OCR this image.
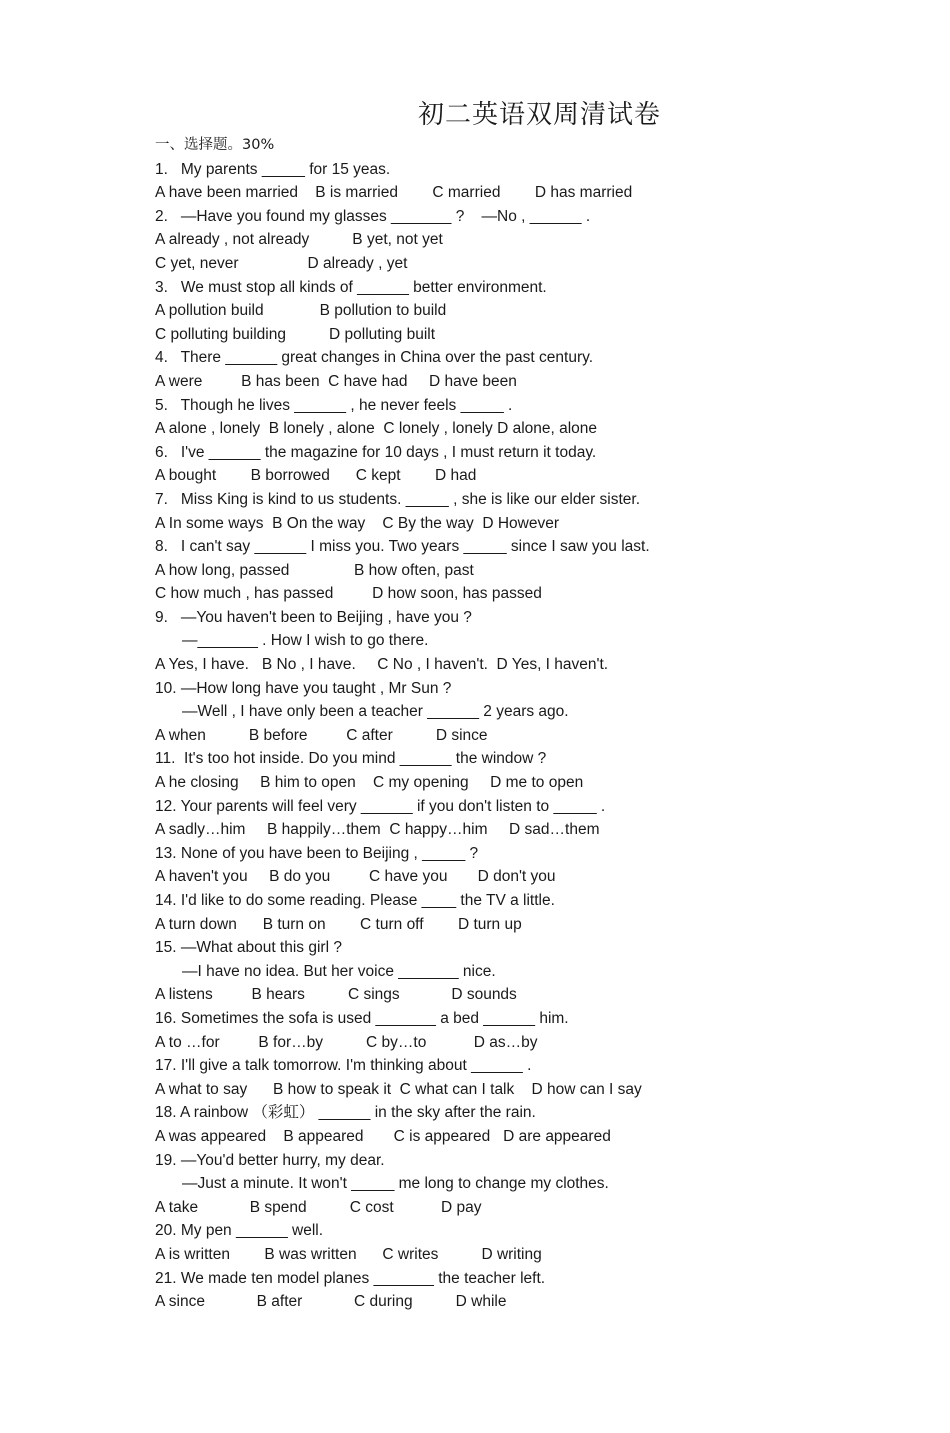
初二英语双周清试卷
一、选择题。30%
1.   My parents _____ for 15 yeas.
A have been married    B is married        C married        D has married
2.   —Have you found my glasses _______ ?    —No , ______ .
A already , not already          B yet, not yet
C yet, never                D already , yet
3.   We must stop all kinds of ______ better environment.
A pollution build             B pollution to build
C polluting building          D polluting built
4.   There ______ great changes in China over the past century.
A were         B has been  C have had     D have been
5.   Though he lives ______ , he never feels _____ .
A alone , lonely  B lonely , alone  C lonely , lonely D alone, alone
6.   I've ______ the magazine for 10 days , I must return it today.
A bought        B borrowed      C kept        D had
7.   Miss King is kind to us students. _____ , she is like our elder sister.
A In some ways  B On the way    C By the way  D However
8.   I can't say ______ I miss you. Two years _____ since I saw you last.
A how long, passed               B how often, past
C how much , has passed         D how soon, has passed
9.   —You haven't been to Beijing , have you ?
—_______ . How I wish to go there.
A Yes, I have.   B No , I have.     C No , I haven't.  D Yes, I haven't.
10. —How long have you taught , Mr Sun ?
—Well , I have only been a teacher ______ 2 years ago.
A when          B before         C after          D since
11.  It's too hot inside. Do you mind ______ the window ?
A he closing     B him to open    C my opening     D me to open
12. Your parents will feel very ______ if you don't listen to _____ .
A sadly…him     B happily…them  C happy…him     D sad…them
13. None of you have been to Beijing , _____ ?
A haven't you     B do you         C have you       D don't you
14. I'd like to do some reading. Please ____ the TV a little.
A turn down      B turn on        C turn off        D turn up
15. —What about this girl ?
—I have no idea. But her voice _______ nice.
A listens         B hears          C sings            D sounds
16. Sometimes the sofa is used _______ a bed ______ him.
A to …for         B for…by          C by…to           D as…by
17. I'll give a talk tomorrow. I'm thinking about ______ .
A what to say      B how to speak it  C what can I talk    D how can I say
18. A rainbow （彩虹） ______ in the sky after the rain.
A was appeared    B appeared       C is appeared   D are appeared
19. —You'd better hurry, my dear.
—Just a minute. It won't _____ me long to change my clothes.
A take            B spend          C cost           D pay
20. My pen ______ well.
A is written        B was written      C writes          D writing
21. We made ten model planes _______ the teacher left.
A since            B after            C during          D while
